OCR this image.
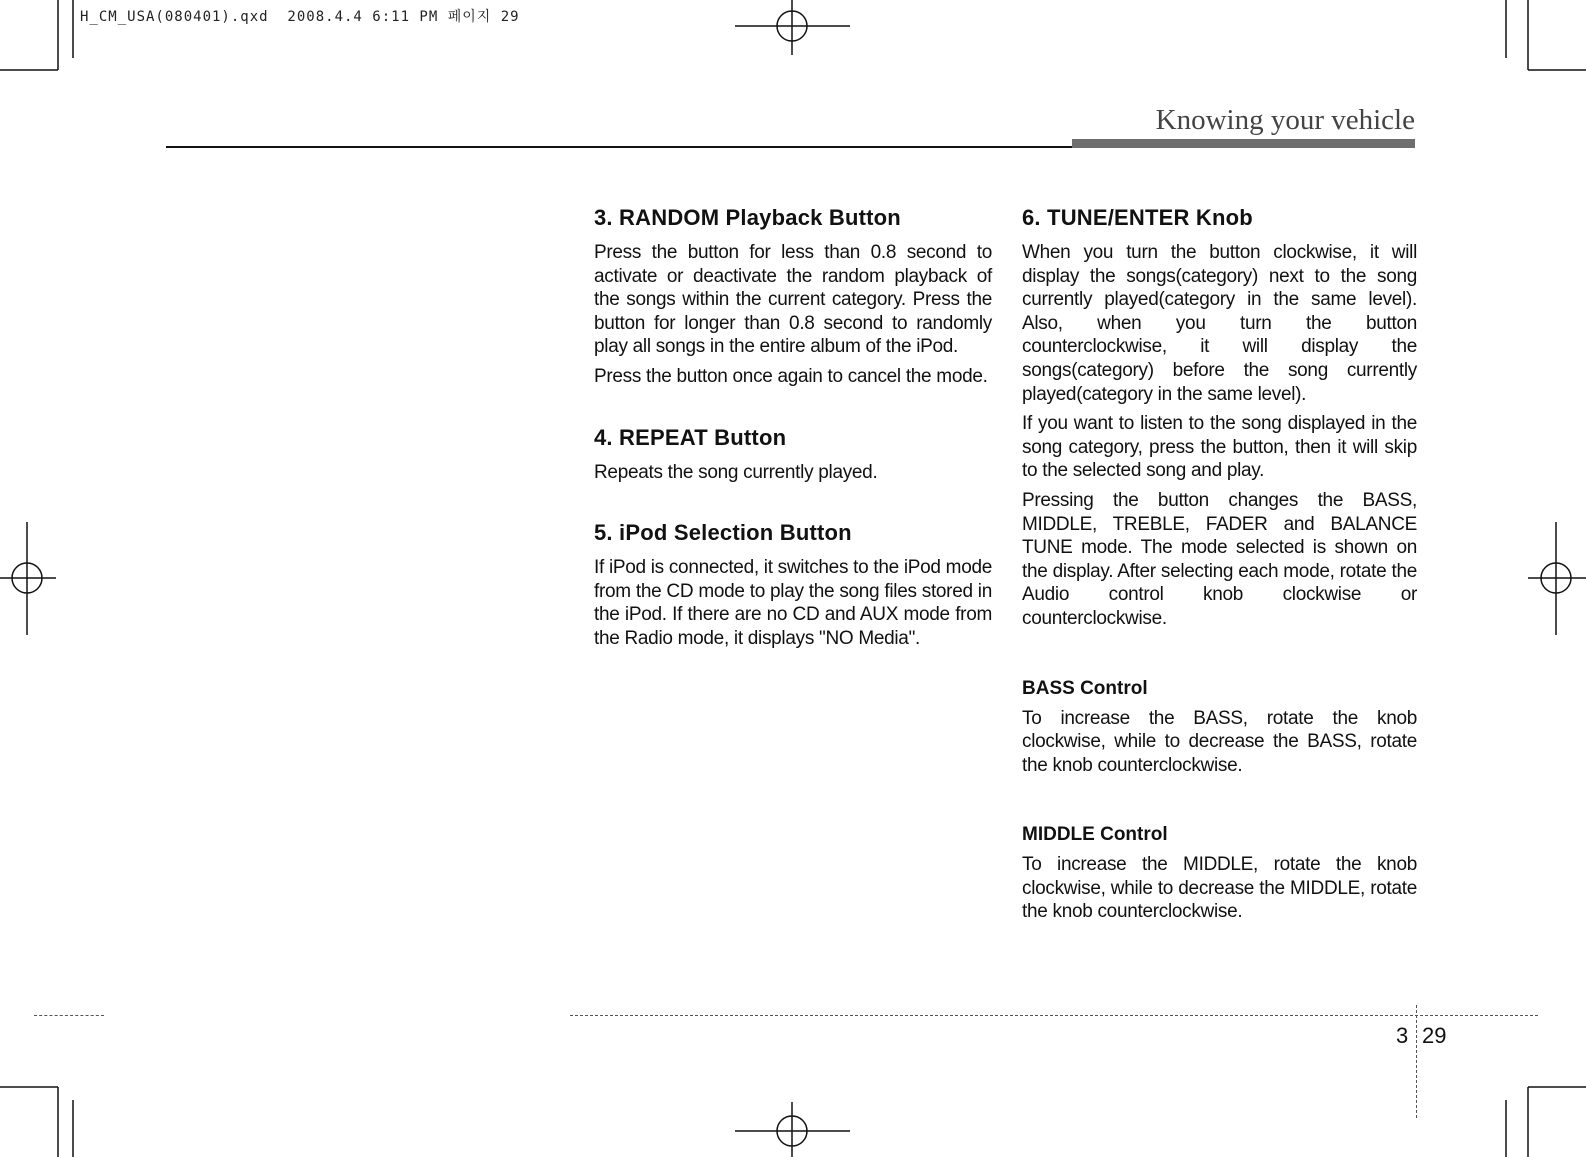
H_CM_USA(080401).qxd  2008.4.4 6:11 PM 페이지 29
Knowing your vehicle
3. RANDOM Playback Button

Press the button for less than 0.8 second to activate or deactivate the random playback of the songs within the current category. Press the button for longer than 0.8 second to randomly play all songs in the entire album of the iPod.

Press the button once again to cancel the mode.

4. REPEAT Button

Repeats the song currently played.

5. iPod Selection Button

If iPod is connected, it switches to the iPod mode from the CD mode to play the song files stored in the iPod. If there are no CD and AUX mode from the Radio mode, it displays "NO Media".

6. TUNE/ENTER Knob

When you turn the button clockwise, it will display the songs(category) next to the song currently played(category in the same level). Also, when you turn the button counterclockwise, it will display the songs(category) before the song currently played(category in the same level).

If you want to listen to the song displayed in the song category, press the button, then it will skip to the selected song and play.

Pressing the button changes the BASS, MIDDLE, TREBLE, FADER and BALANCE TUNE mode. The mode selected is shown on the display. After selecting each mode, rotate the Audio control knob clockwise or counterclockwise.

BASS Control

To increase the BASS, rotate the knob clockwise, while to decrease the BASS, rotate the knob counterclockwise.

MIDDLE Control

To increase the MIDDLE, rotate the knob clockwise, while to decrease the MIDDLE, rotate the knob counterclockwise.

3 29
